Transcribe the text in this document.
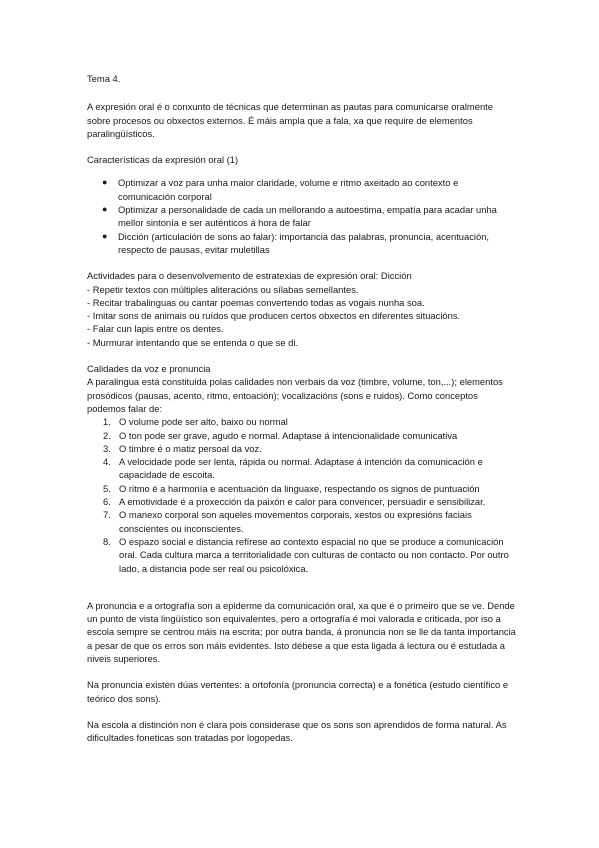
Tema 4.

A expresión oral é o conxunto de técnicas que determinan as pautas para comunicarse oralmente sobre procesos ou obxectos externos. É máis ampla que a fala, xa que require de elementos paralingüísticos.

Características da expresión oral (1)

● Optimizar a voz para unha maior claridade, volume e ritmo axeitado ao contexto e comunicación corporal
● Optimizar a personalidade de cada un mellorando a autoestima, empatía para acadar unha mellor sintonía e ser auténticos á hora de falar
● Dicción (articulación de sons ao falar): importancia das palabras, pronuncia, acentuación, respecto de pausas, evitar muletillas

Actividades para o desenvolvemento de estratexias de expresión oral: Dicción

- Repetir textos con múltiples aliteracións ou sílabas semellantes.

- Recitar trabalinguas ou cantar poemas convertendo todas as vogais nunha soa.

- Imitar sons de animais ou ruídos que producen certos obxectos en diferentes situacións.

- Falar cun lapis entre os dentes.

- Murmurar intentando que se entenda o que se di.

Calidades da voz e pronuncia

A paralingua está constituida polas calidades non verbais da voz (timbre, volume, ton,...); elementos prosódicos (pausas, acento, ritmo, entoación); vocalizacións (sons e ruidos). Como conceptos podemos falar de:

1. O volume pode ser alto, baixo ou normal
2. O ton pode ser grave, agudo e normal. Adaptase á intencionalidade comunicativa
3. O timbre é o matiz persoal da voz.
4. A velocidade pode ser lenta, rápida ou normal. Adaptase á intención da comunicación e capacidade de escoita.
5. O ritmo é a harmonía e acentuación da linguaxe, respectando os signos de puntuación
6. A emotividade é a proxección da paixón e calor para convencer, persuadir e sensibilizar.
7. O manexo corporal son aqueles movementos corporais, xestos ou expresións faciais conscientes ou inconscientes.
8. O espazo social e distancia refírese ao contexto espacial no que se produce a comunicación oral. Cada cultura marca a territorialidade con culturas de contacto ou non contacto. Por outro lado, a distancia pode ser real ou psicolóxica.

A pronuncia e a ortografía son a epiderme da comunicación oral, xa que é o primeiro que se ve. Dende un punto de vista lingüístico son equivalentes, pero a ortografía é moi valorada e criticada, por iso a escola sempre se centrou máis na escrita; por outra banda, á pronuncia non se lle da tanta importancia a pesar de que os erros son máis evidentes. Isto débese a que esta ligada á lectura ou é estudada a niveis superiores.

Na pronuncia existen dúas vertentes: a ortofonía (pronuncia correcta) e a fonética (estudo científico e teórico dos sons).

Na escola a distinción non é clara pois considerase que os sons son aprendidos de forma natural. As dificultades foneticas son tratadas por logopedas.
